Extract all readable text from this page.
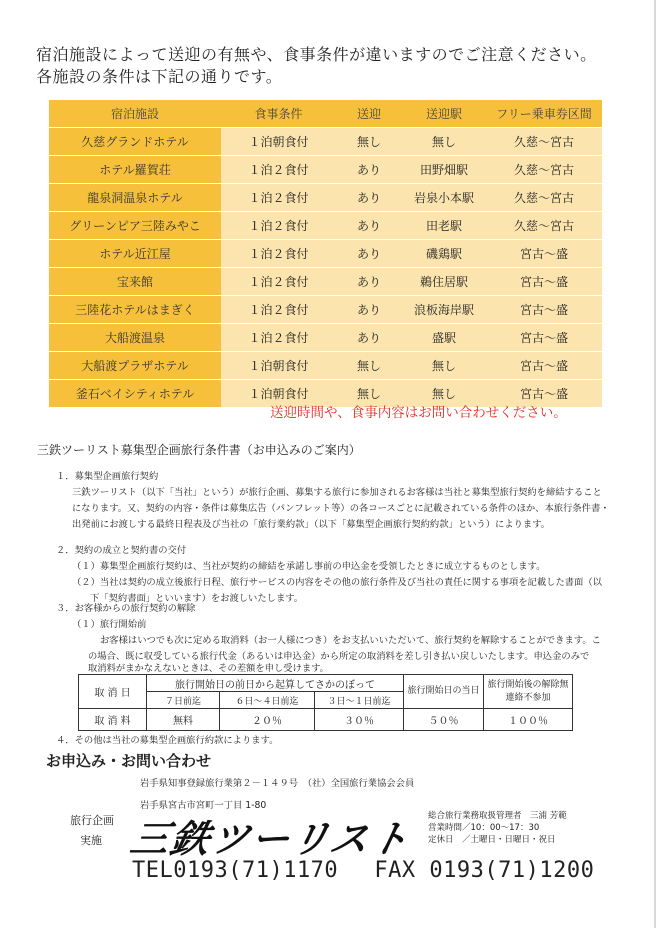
宿泊施設によって送迎の有無や、食事条件が違いますのでご注意ください。
各施設の条件は下記の通りです。
宿泊施設	食事条件	送迎	送迎駅	フリー乗車券区間
久慈グランドホテル	１泊朝食付	無し	無し	久慈～宮古
ホテル羅賀荘	１泊２食付	あり	田野畑駅	久慈～宮古
龍泉洞温泉ホテル	１泊２食付	あり	岩泉小本駅	久慈～宮古
グリーンピア三陸みやこ	１泊２食付	あり	田老駅	久慈～宮古
ホテル近江屋	１泊２食付	あり	磯鶏駅	宮古～盛
宝来館	１泊２食付	あり	鵜住居駅	宮古～盛
三陸花ホテルはまぎく	１泊２食付	あり	浪板海岸駅	宮古～盛
大船渡温泉	１泊２食付	あり	盛駅	宮古～盛
大船渡プラザホテル	１泊朝食付	無し	無し	宮古～盛
釜石ベイシティホテル	１泊朝食付	無し	無し	宮古～盛
送迎時間や、食事内容はお問い合わせください。
三鉄ツーリスト募集型企画旅行条件書（お申込みのご案内）
１．募集型企画旅行契約
三鉄ツーリスト（以下「当社」という）が旅行企画、募集する旅行に参加されるお客様は当社と募集型旅行契約を締結すること
になります。又、契約の内容・条件は募集広告（パンフレット等）の各コースごとに記載されている条件のほか、本旅行条件書・
出発前にお渡しする最終日程表及び当社の「旅行業約款」（以下「募集型企画旅行契約約款」という）によります。
２．契約の成立と契約書の交付
（１）募集型企画旅行契約は、当社が契約の締結を承諾し事前の申込金を受領したときに成立するものとします。
（２）当社は契約の成立後旅行日程、旅行サービスの内容をその他の旅行条件及び当社の責任に関する事項を記載した書面（以
下「契約書面」といいます）をお渡しいたします。
３．お客様からの旅行契約の解除
（１）旅行開始前
お客様はいつでも次に定める取消料（お一人様につき）をお支払いいただいて、旅行契約を解除することができます。こ
の場合、既に収受している旅行代金（あるいは申込金）から所定の取消料を差し引き払い戻しいたします。申込金のみで
取消料がまかなえないときは、その差額を申し受けます。
取 消 日	旅行開始日の前日から起算してさかのぼって			旅行開始日の当日	旅行開始後の解除無連絡不参加
	７日前迄	６日～４日前迄	３日～１日前迄		
取 消 料	無料	２０％	３０％	５０％	１００％
４．その他は当社の募集型企画旅行約款によります。
お申込み・お問い合わせ
岩手県知事登録旅行業第２－１４９号　（社）全国旅行業協会会員
岩手県宮古市宮町一丁目 1-80
旅行企画
実施 三鉄ツーリスト
TEL0193(71)1170　 FAX 0193(71)1200
総合旅行業務取扱管理者　三浦 芳範
営業時間／10：00～17：30
定休日　／土曜日・日曜日・祝日
